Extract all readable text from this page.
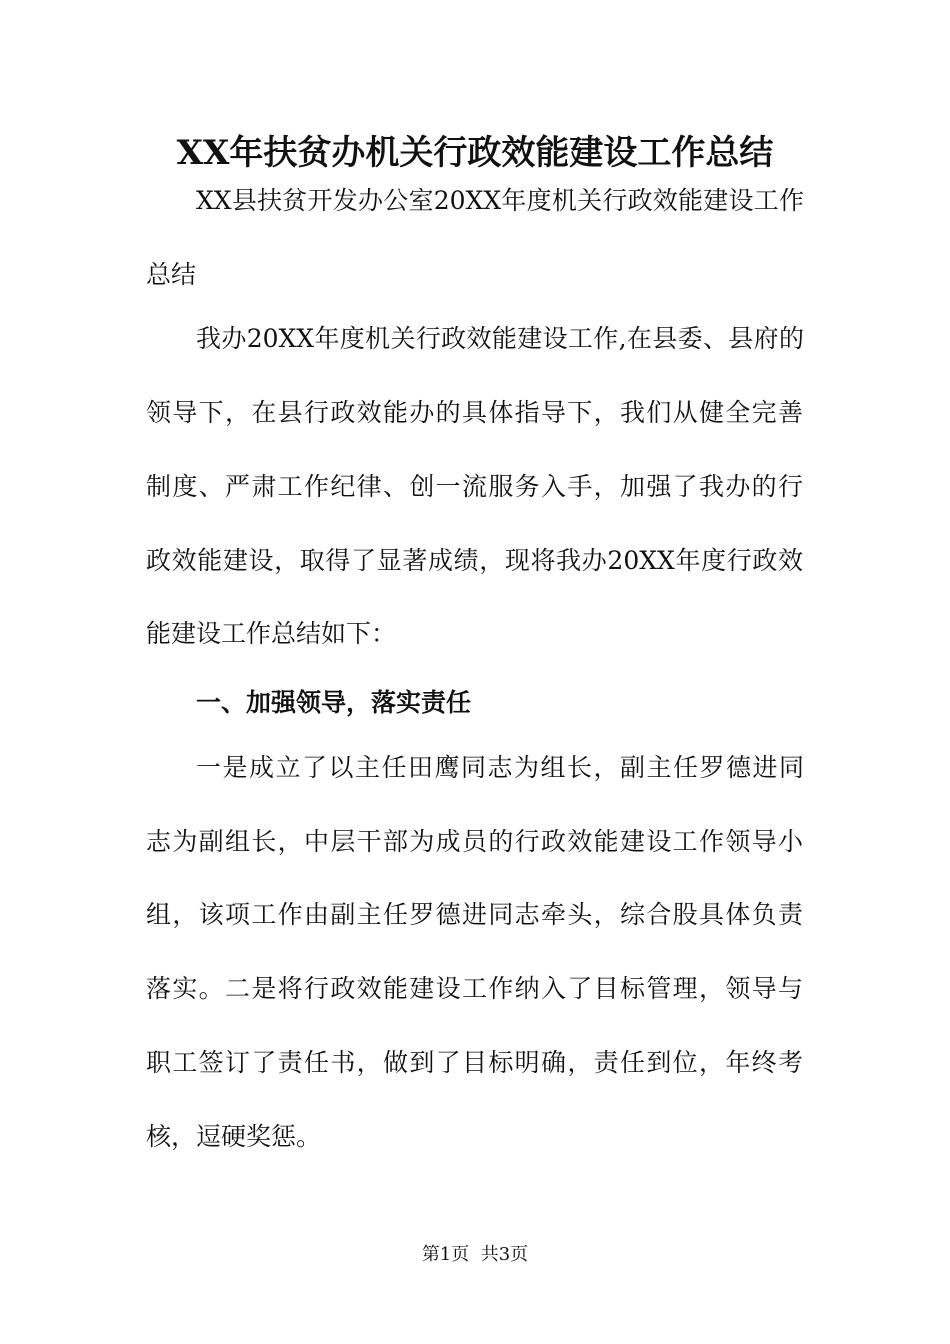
XX年扶贫办机关行政效能建设工作总结
XX县扶贫开发办公室20XX年度机关行政效能建设工作
总结
我办20XX年度机关行政效能建设工作,在县委、县府的
领导下，在县行政效能办的具体指导下，我们从健全完善
制度、严肃工作纪律、创一流服务入手，加强了我办的行
政效能建设，取得了显著成绩，现将我办20XX年度行政效
能建设工作总结如下：
一、加强领导，落实责任
一是成立了以主任田鹰同志为组长，副主任罗德进同
志为副组长，中层干部为成员的行政效能建设工作领导小
组，该项工作由副主任罗德进同志牵头，综合股具体负责
落实。二是将行政效能建设工作纳入了目标管理，领导与
职工签订了责任书，做到了目标明确，责任到位，年终考
核，逗硬奖惩。
第1页  共3页
